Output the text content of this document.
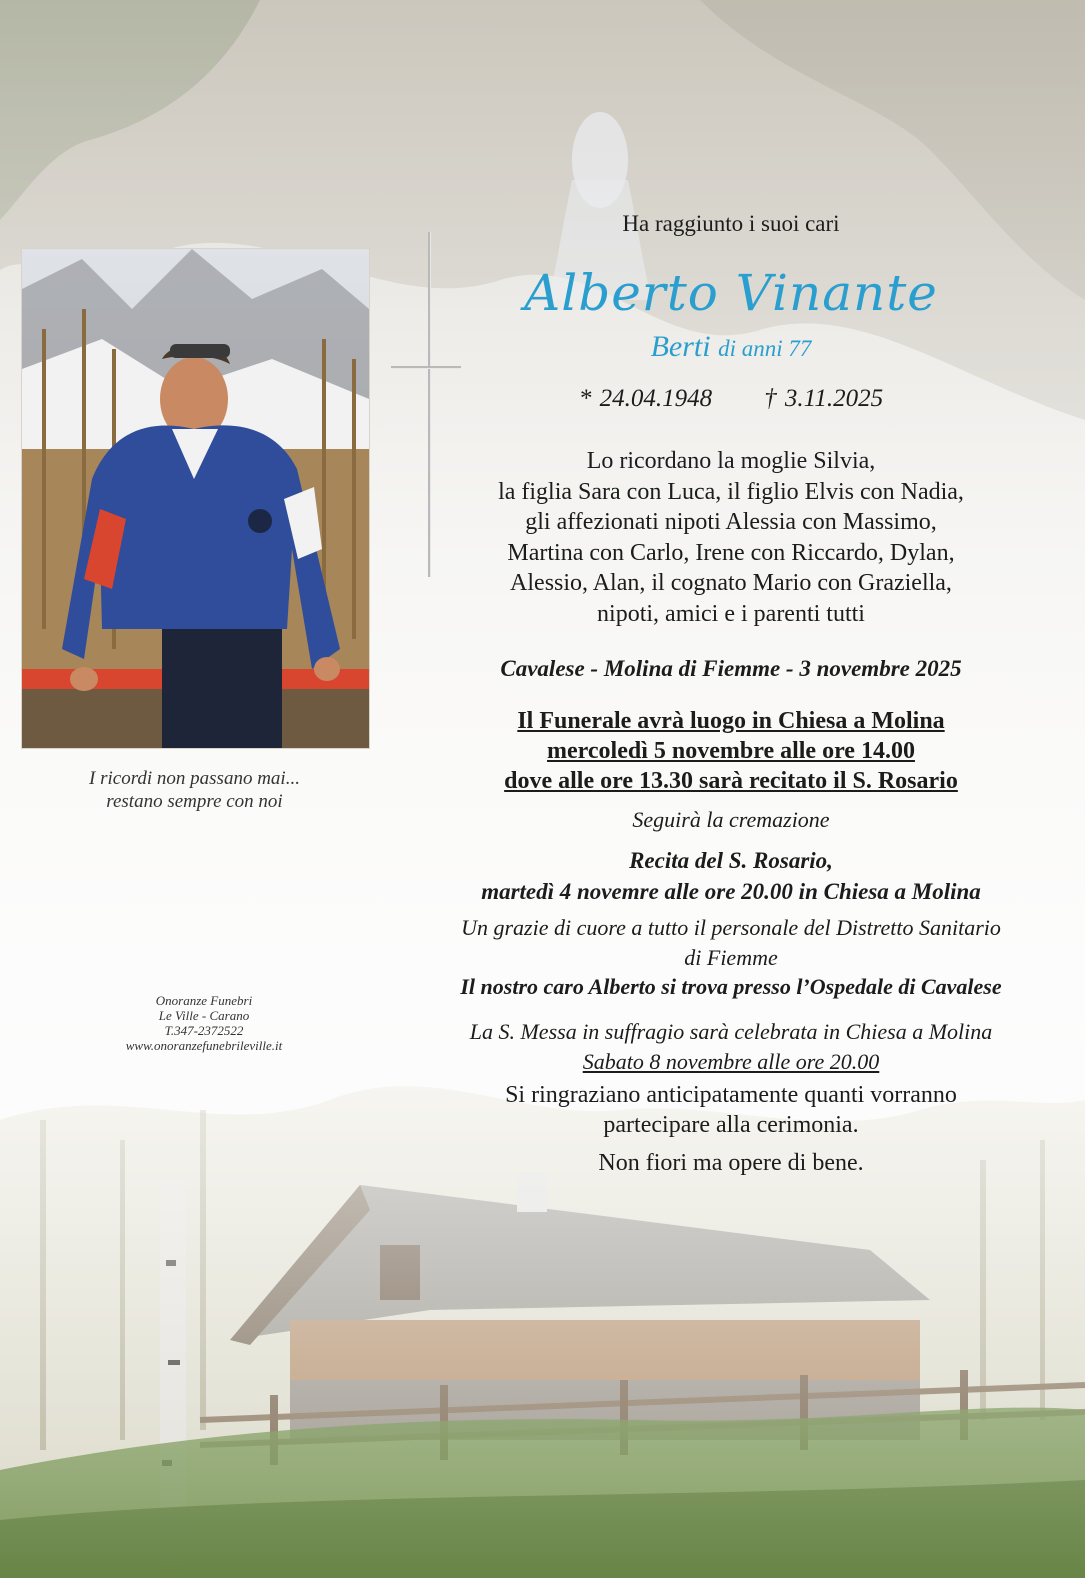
I ricordi non passano mai...
restano sempre con noi
Onoranze Funebri
Le Ville - Carano
T.347-2372522
www.onoranzefunebrileville.it
Ha raggiunto i suoi cari
Alberto Vinante
Berti di anni 77
* 24.04.1948 † 3.11.2025
Lo ricordano la moglie Silvia,
la figlia Sara con Luca, il figlio Elvis con Nadia,
gli affezionati nipoti Alessia con Massimo,
Martina con Carlo, Irene con Riccardo, Dylan,
Alessio, Alan, il cognato Mario con Graziella,
nipoti, amici e i parenti tutti
Cavalese - Molina di Fiemme - 3 novembre 2025
Il Funerale avrà luogo in Chiesa a Molina
mercoledì 5 novembre alle ore 14.00
dove alle ore 13.30 sarà recitato il S. Rosario
Seguirà la cremazione
Recita del S. Rosario,
martedì 4 novemre alle ore 20.00 in Chiesa a Molina
Un grazie di cuore a tutto il personale del Distretto Sanitario
di Fiemme
Il nostro caro Alberto si trova presso l’Ospedale di Cavalese
La S. Messa in suffragio sarà celebrata in Chiesa a Molina
Sabato 8 novembre alle ore 20.00
Si ringraziano anticipatamente quanti vorranno
partecipare alla cerimonia.
Non fiori ma opere di bene.
